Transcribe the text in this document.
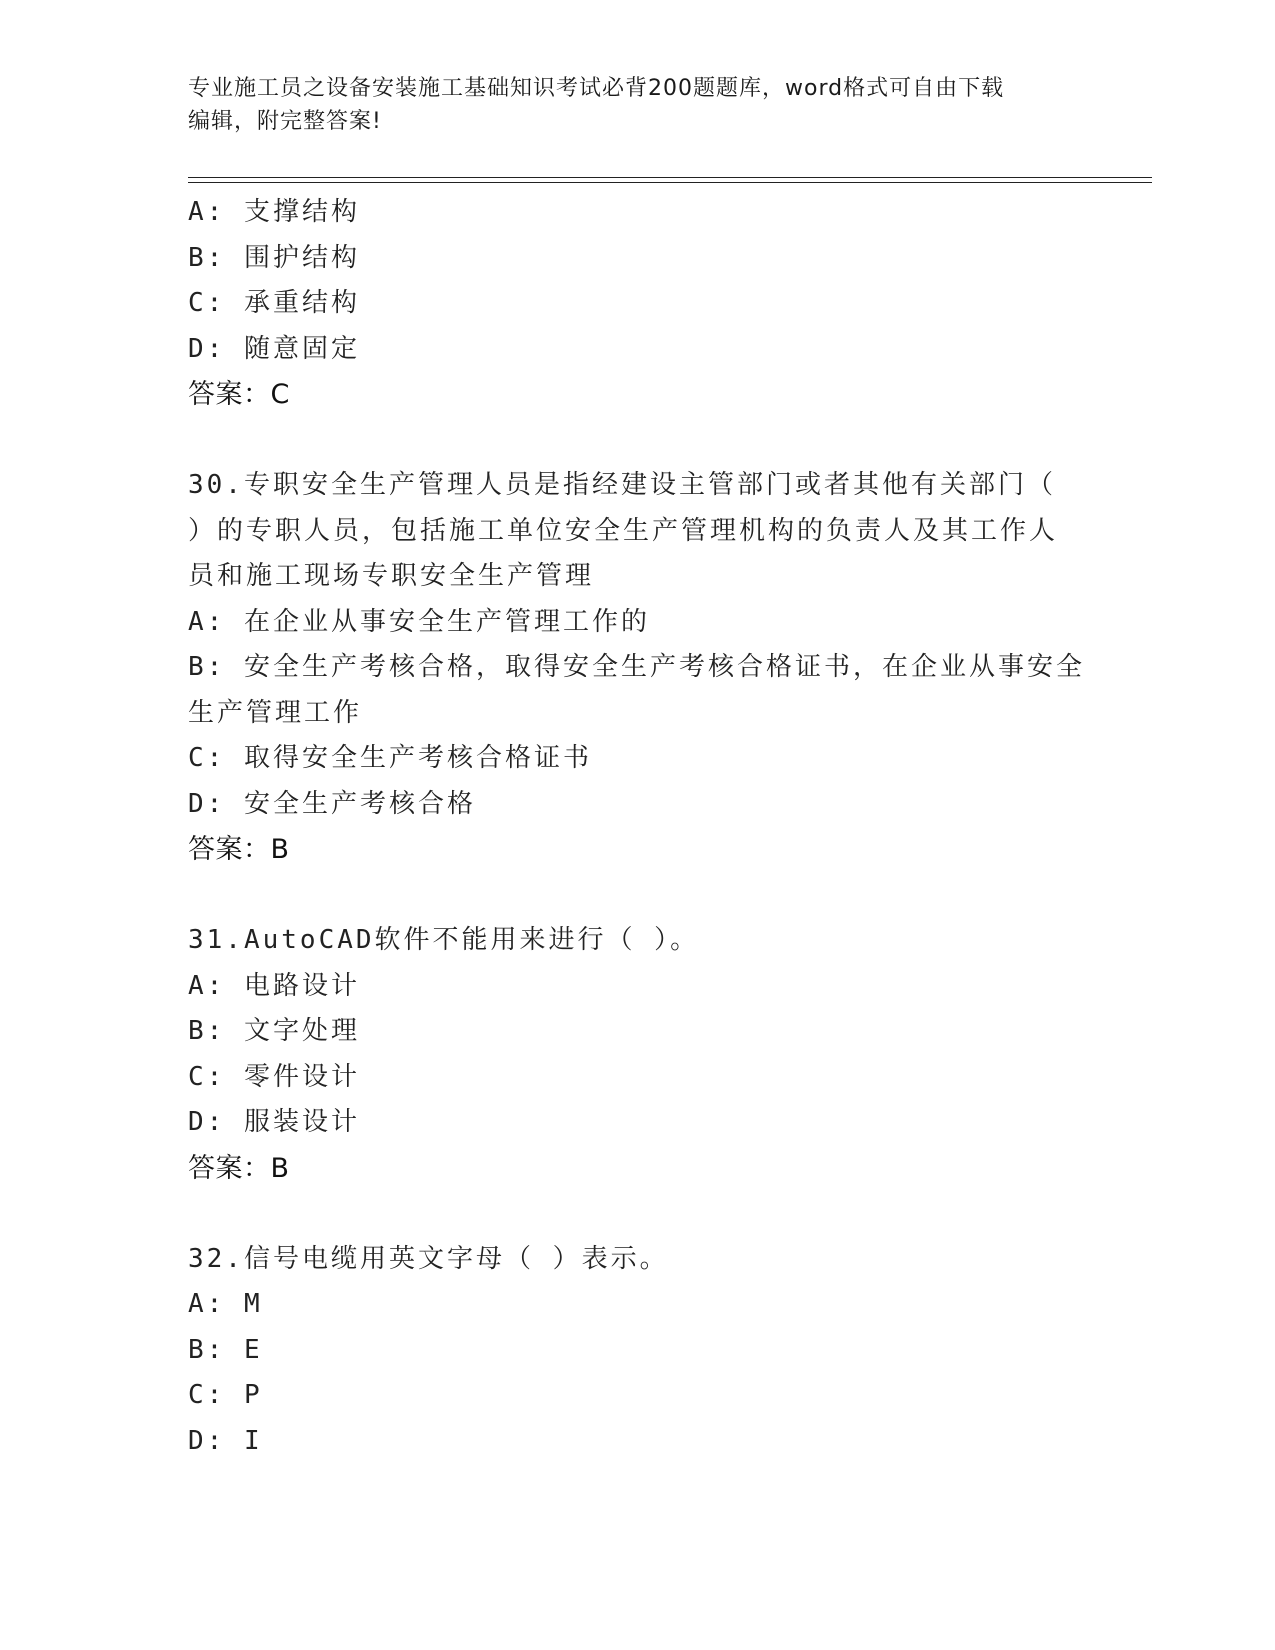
专业施工员之设备安装施工基础知识考试必背200题题库，word格式可自由下载
编辑，附完整答案!
A: 支撑结构
B: 围护结构
C: 承重结构
D: 随意固定
答案：C
30.专职安全生产管理人员是指经建设主管部门或者其他有关部门（
）的专职人员，包括施工单位安全生产管理机构的负责人及其工作人
员和施工现场专职安全生产管理
A: 在企业从事安全生产管理工作的
B: 安全生产考核合格，取得安全生产考核合格证书，在企业从事安全
生产管理工作
C: 取得安全生产考核合格证书
D: 安全生产考核合格
答案：B
31.AutoCAD软件不能用来进行（ ）。
A: 电路设计
B: 文字处理
C: 零件设计
D: 服装设计
答案：B
32.信号电缆用英文字母（ ）表示。
A: M
B: E
C: P
D: I
